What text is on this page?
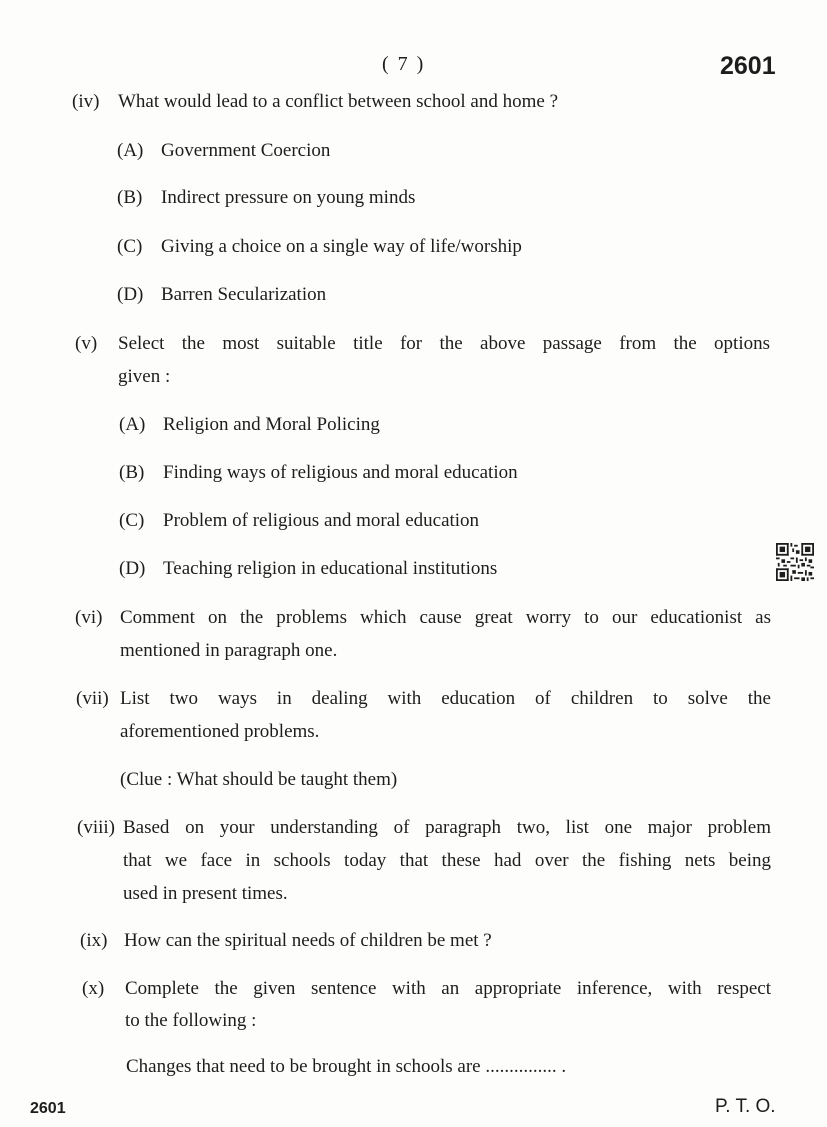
( 7 )	2601
(iv) What would lead to a conflict between school and home ?
(A) Government Coercion
(B) Indirect pressure on young minds
(C) Giving a choice on a single way of life/worship
(D) Barren Secularization
(v) Select the most suitable title for the above passage from the options
given :
(A) Religion and Moral Policing
(B) Finding ways of religious and moral education
(C) Problem of religious and moral education
(D) Teaching religion in educational institutions
(vi) Comment on the problems which cause great worry to our educationist as
mentioned in paragraph one.
(vii) List two ways in dealing with education of children to solve the
aforementioned problems.
(Clue : What should be taught them)
(viii) Based on your understanding of paragraph two, list one major problem
that we face in schools today that these had over the fishing nets being
used in present times.
(ix) How can the spiritual needs of children be met ?
(x) Complete the given sentence with an appropriate inference, with respect
to the following :
Changes that need to be brought in schools are ............... .
2601	P. T. O.
